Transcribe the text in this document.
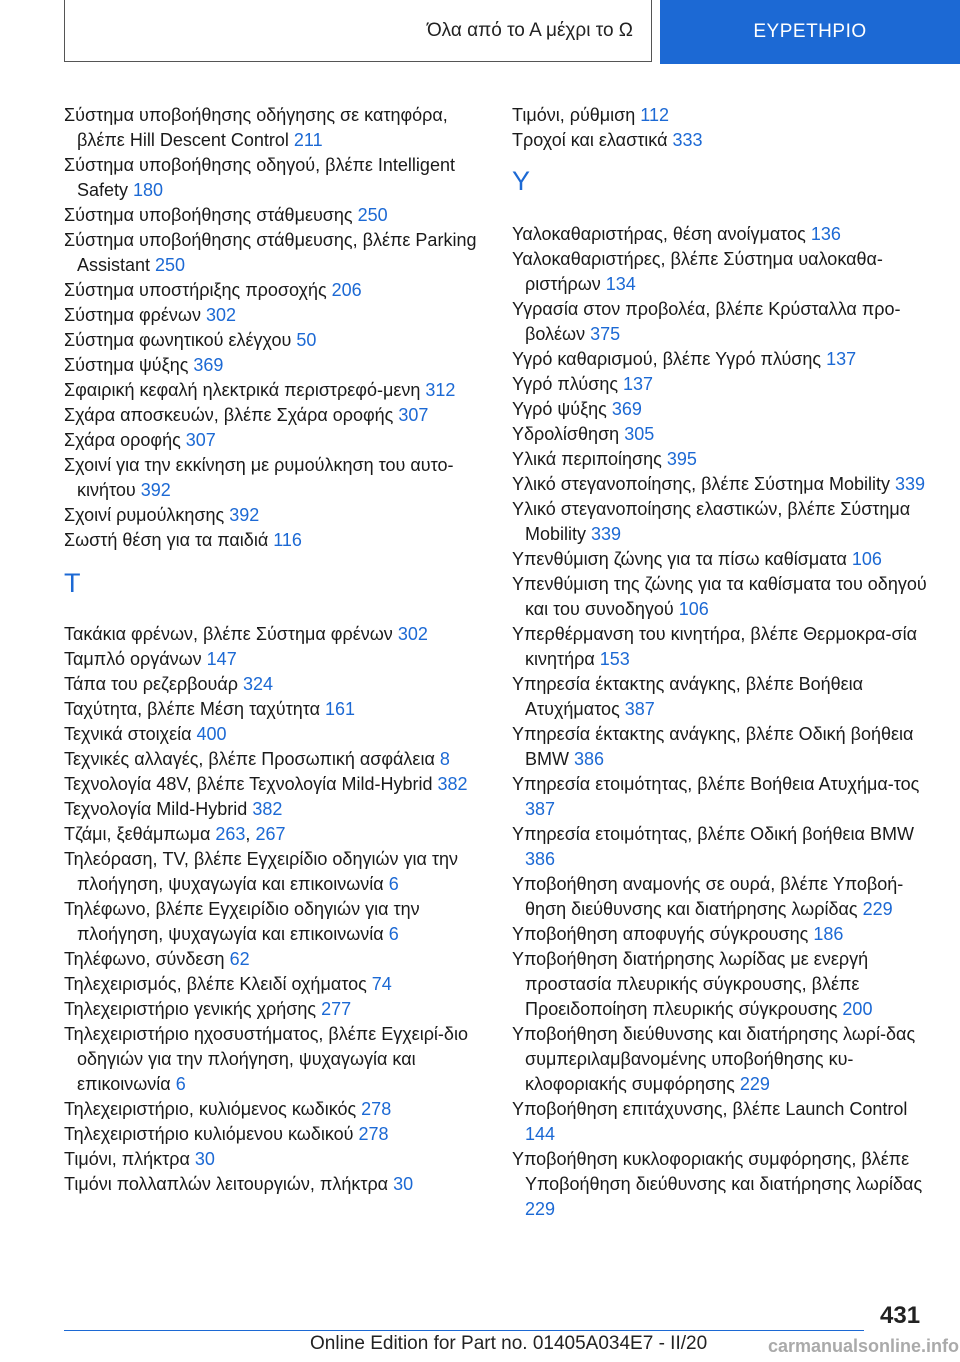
Όλα από το Α μέχρι το Ω	ΕΥΡΕΤΗΡΙΟ
Σύστημα υποβοήθησης οδήγησης σε κατηφόρα, βλέπε Hill Descent Control 211
Σύστημα υποβοήθησης οδηγού, βλέπε Intelligent Safety 180
Σύστημα υποβοήθησης στάθμευσης 250
Σύστημα υποβοήθησης στάθμευσης, βλέπε Parking Assistant 250
Σύστημα υποστήριξης προσοχής 206
Σύστημα φρένων 302
Σύστημα φωνητικού ελέγχου 50
Σύστημα ψύξης 369
Σφαιρική κεφαλή ηλεκτρικά περιστρεφό-μενη 312
Σχάρα αποσκευών, βλέπε Σχάρα οροφής 307
Σχάρα οροφής 307
Σχοινί για την εκκίνηση με ρυμούλκηση του αυτο-κινήτου 392
Σχοινί ρυμούλκησης 392
Σωστή θέση για τα παιδιά 116
Τ
Τακάκια φρένων, βλέπε Σύστημα φρένων 302
Ταμπλό οργάνων 147
Τάπα του ρεζερβουάρ 324
Ταχύτητα, βλέπε Μέση ταχύτητα 161
Τεχνικά στοιχεία 400
Τεχνικές αλλαγές, βλέπε Προσωπική ασφάλεια 8
Τεχνολογία 48V, βλέπε Τεχνολογία Mild-Hybrid 382
Τεχνολογία Mild-Hybrid 382
Τζάμι, ξεθάμπωμα 263, 267
Τηλεόραση, TV, βλέπε Εγχειρίδιο οδηγιών για την πλοήγηση, ψυχαγωγία και επικοινωνία 6
Τηλέφωνο, βλέπε Εγχειρίδιο οδηγιών για την πλοήγηση, ψυχαγωγία και επικοινωνία 6
Τηλέφωνο, σύνδεση 62
Τηλεχειρισμός, βλέπε Κλειδί οχήματος 74
Τηλεχειριστήριο γενικής χρήσης 277
Τηλεχειριστήριο ηχοσυστήματος, βλέπε Εγχειρί-διο οδηγιών για την πλοήγηση, ψυχαγωγία και επικοινωνία 6
Τηλεχειριστήριο, κυλιόμενος κωδικός 278
Τηλεχειριστήριο κυλιόμενου κωδικού 278
Τιμόνι, πλήκτρα 30
Τιμόνι πολλαπλών λειτουργιών, πλήκτρα 30
Τιμόνι, ρύθμιση 112
Τροχοί και ελαστικά 333
Υ
Υαλοκαθαριστήρας, θέση ανοίγματος 136
Υαλοκαθαριστήρες, βλέπε Σύστημα υαλοκαθα-ριστήρων 134
Υγρασία στον προβολέα, βλέπε Κρύσταλλα προ-βολέων 375
Υγρό καθαρισμού, βλέπε Υγρό πλύσης 137
Υγρό πλύσης 137
Υγρό ψύξης 369
Υδρολίσθηση 305
Υλικά περιποίησης 395
Υλικό στεγανοποίησης, βλέπε Σύστημα Mobility 339
Υλικό στεγανοποίησης ελαστικών, βλέπε Σύστημα Mobility 339
Υπενθύμιση ζώνης για τα πίσω καθίσματα 106
Υπενθύμιση της ζώνης για τα καθίσματα του οδηγού και του συνοδηγού 106
Υπερθέρμανση του κινητήρα, βλέπε Θερμοκρα-σία κινητήρα 153
Υπηρεσία έκτακτης ανάγκης, βλέπε Βοήθεια Ατυχήματος 387
Υπηρεσία έκτακτης ανάγκης, βλέπε Οδική βοήθεια BMW 386
Υπηρεσία ετοιμότητας, βλέπε Βοήθεια Ατυχήμα-τος 387
Υπηρεσία ετοιμότητας, βλέπε Οδική βοήθεια BMW 386
Υποβοήθηση αναμονής σε ουρά, βλέπε Υποβοή-θηση διεύθυνσης και διατήρησης λωρίδας 229
Υποβοήθηση αποφυγής σύγκρουσης 186
Υποβοήθηση διατήρησης λωρίδας με ενεργή προστασία πλευρικής σύγκρουσης, βλέπε Προειδοποίηση πλευρικής σύγκρουσης 200
Υποβοήθηση διεύθυνσης και διατήρησης λωρί-δας συμπεριλαμβανομένης υποβοήθησης κυ-κλοφοριακής συμφόρησης 229
Υποβοήθηση επιτάχυνσης, βλέπε Launch Control 144
Υποβοήθηση κυκλοφοριακής συμφόρησης, βλέπε Υποβοήθηση διεύθυνσης και διατήρησης λωρίδας 229
431
Online Edition for Part no. 01405A034E7 - II/20	carmanualsonline.info
